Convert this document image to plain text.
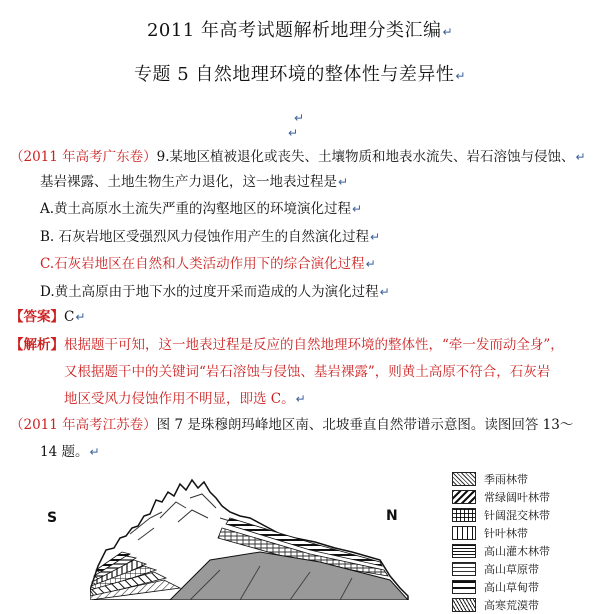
2011 年高考试题解析地理分类汇编↵
专题 5 自然地理环境的整体性与差异性↵
↵
↵
（2011 年高考广东卷）9.某地区植被退化或丧失、土壤物质和地表水流失、岩石溶蚀与侵蚀、↵
基岩裸露、土地生物生产力退化，这一地表过程是↵
A.黄土高原水土流失严重的沟壑地区的环境演化过程↵
B. 石灰岩地区受强烈风力侵蚀作用产生的自然演化过程↵
C.石灰岩地区在自然和人类活动作用下的综合演化过程↵
D.黄土高原由于地下水的过度开采而造成的人为演化过程↵
【答案】C↵
【解析】根据题干可知，这一地表过程是反应的自然地理环境的整体性，“牵一发而动全身”，
又根据题干中的关键词“岩石溶蚀与侵蚀、基岩裸露”，则黄土高原不符合，石灰岩
地区受风力侵蚀作用不明显，即选 C。↵
（2011 年高考江苏卷）图 7 是珠穆朗玛峰地区南、北坡垂直自然带谱示意图。读图回答 13～
14 题。↵
S	N
季雨林带
常绿阔叶林带
针阔混交林带
针叶林带
高山灌木林带
高山草原带
高山草甸带
高寒荒漠带
